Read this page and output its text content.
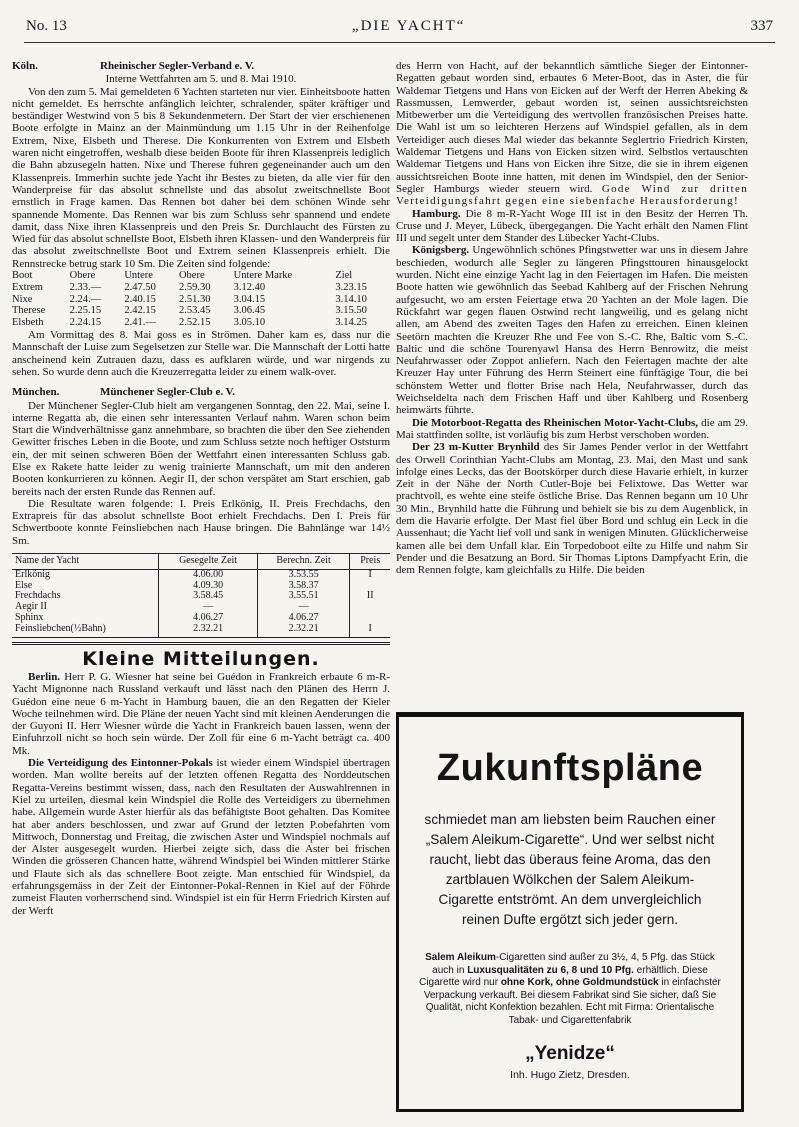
No. 13	„DIE YACHT“	337
Köln.	Rheinischer Segler-Verband e. V.

Interne Wettfahrten am 5. und 8. Mai 1910.

Von den zum 5. Mai gemeldeten 6 Yachten starteten nur vier. Einheitsboote hatten nicht gemeldet. Es herrschte anfänglich leichter, schralender, später kräftiger und beständiger Westwind von 5 bis 8 Sekundenmetern. Der Start der vier erschienenen Boote erfolgte in Mainz an der Mainmündung um 1.15 Uhr in der Reihenfolge Extrem, Nixe, Elsbeth und Therese. Die Konkurrenten von Extrem und Elsbeth waren nicht eingetroffen, weshalb diese beiden Boote für ihren Klassenpreis lediglich die Bahn abzusegeln hatten. Nixe und Therese fuhren gegeneinander auch um den Klassenpreis. Immerhin suchte jede Yacht ihr Bestes zu bieten, da alle vier für den Wanderpreise für das absolut schnellste und das absolut zweitschnellste Boot ernstlich in Frage kamen. Das Rennen bot daher bei dem schönen Winde sehr spannende Momente. Das Rennen war bis zum Schluss sehr spannend und endete damit, dass Nixe ihren Klassenpreis und den Preis Sr. Durchlaucht des Fürsten zu Wied für das absolut schnellste Boot, Elsbeth ihren Klassen- und den Wanderpreis für das absolut zweitschnellste Boot und Extrem seinen Klassenpreis erhielt. Die Rennstrecke betrug stark 10 Sm. Die Zeiten sind folgende:

Boot	Obere	Untere	Obere	Untere Marke	Ziel
Extrem	2.33.—	2.47.50	2.59.30	3.12.40	3.23.15
Nixe	2.24.—	2.40.15	2.51.30	3.04.15	3.14.10
Therese	2.25.15	2.42.15	2.53.45	3.06.45	3.15.50
Elsbeth	2.24.15	2.41.—	2.52.15	3.05.10	3.14.25

Am Vormittag des 8. Mai goss es in Strömen. Daher kam es, dass nur die Mannschaft der Luise zum Segelsetzen zur Stelle war. Die Mannschaft der Lotti hatte anscheinend kein Zutrauen dazu, dass es aufklaren würde, und war nirgends zu sehen. So wurde denn auch die Kreuzerregatta leider zu einem walk-over.

München.	Münchener Segler-Club e. V.

Der Münchener Segler-Club hielt am vergangenen Sonntag, den 22. Mai, seine I. interne Regatta ab, die einen sehr interessanten Verlauf nahm. Waren schon beim Start die Windverhältnisse ganz annehmbare, so brachten die über den See ziehenden Gewitter frisches Leben in die Boote, und zum Schluss setzte noch heftiger Oststurm ein, der mit seinen schweren Böen der Wettfahrt einen interessanten Schluss gab. Else ex Rakete hatte leider zu wenig trainierte Mannschaft, um mit den anderen Booten konkurrieren zu können. Aegir II, der schon verspätet am Start erschien, gab bereits nach der ersten Runde das Rennen auf.

Die Resultate waren folgende: I. Preis Erlkönig, II. Preis Frechdachs, den Extrapreis für das absolut schnellste Boot erhielt Frechdachs. Den I. Preis für Schwertboote konnte Feinsliebchen nach Hause bringen. Die Bahnlänge war 14½ Sm.

Name der Yacht	Gesegelte Zeit	Berechn. Zeit	Preis
Erlkönig	4.06.00	3.53.55	I
Else	4.09.30	3.58.37	
Frechdachs	3.58.45	3.55.51	II
Aegir II	—	—	
Sphinx	4.06.27	4.06.27	
Feinsliebchen(½Bahn)	2.32.21	2.32.21	I
Kleine Mitteilungen.

Berlin. Herr P. G. Wiesner hat seine bei Guédon in Frankreich erbaute 6 m-R-Yacht Mignonne nach Russland verkauft und lässt nach den Plänen des Herrn J. Guédon eine neue 6 m-Yacht in Hamburg bauen, die an den Regatten der Kieler Woche teilnehmen wird. Die Pläne der neuen Yacht sind mit kleinen Aenderungen die der Guyoni II. Herr Wiesner würde die Yacht in Frankreich bauen lassen, wenn der Einfuhrzoll nicht so hoch sein würde. Der Zoll für eine 6 m-Yacht beträgt ca. 400 Mk.

Die Verteidigung des Eintonner-Pokals ist wieder einem Windspiel übertragen worden. Man wollte bereits auf der letzten offenen Regatta des Norddeutschen Regatta-Vereins bestimmt wissen, dass, nach den Resultaten der Auswahlrennen in Kiel zu urteilen, diesmal kein Windspiel die Rolle des Verteidigers zu übernehmen habe. Allgemein wurde Aster hierfür als das befähigtste Boot gehalten. Das Komitee hat aber anders beschlossen, und zwar auf Grund der letzten P.obefahrten vom Mittwoch, Donnerstag und Freitag, die zwischen Aster und Windspiel nochmals auf der Alster ausgesegelt wurden. Hierbei zeigte sich, dass die Aster bei frischen Winden die grösseren Chancen hatte, während Windspiel bei Winden mittlerer Stärke und Flaute sich als das schnellere Boot zeigte. Man entschied für Windspiel, da erfahrungsgemäss in der Zeit der Eintonner-Pokal-Rennen in Kiel auf der Föhrde zumeist Flauten vorherrschend sind. Windspiel ist ein für Herrn Friedrich Kirsten auf der Werft

des Herrn von Hacht, auf der bekanntlich sämtliche Sieger der Eintonner-Regatten gebaut worden sind, erbautes 6 Meter-Boot, das in Aster, die für Waldemar Tietgens und Hans von Eicken auf der Werft der Herren Abeking & Rassmussen, Lemwerder, gebaut worden ist, seinen aussichtsreichsten Mitbewerber um die Verteidigung des wertvollen französischen Preises hatte. Die Wahl ist um so leichteren Herzens auf Windspiel gefallen, als in dem Verteidiger auch dieses Mal wieder das bekannte Seglertrio Friedrich Kirsten, Waldemar Tietgens und Hans von Eicken sitzen wird. Selbstlos vertauschten Waldemar Tietgens und Hans von Eicken ihre Sitze, die sie in ihrem eigenen aussichtsreichen Boote inne hatten, mit denen im Windspiel, den der Senior-Segler Hamburgs wieder steuern wird. Gode Wind zur dritten Verteidigungsfahrt gegen eine siebenfache Herausforderung!

Hamburg. Die 8 m-R-Yacht Woge III ist in den Besitz der Herren Th. Cruse und J. Meyer, Lübeck, übergegangen. Die Yacht erhält den Namen Flint III und segelt unter dem Stander des Lübecker Yacht-Clubs.

Königsberg. Ungewöhnlich schönes Pfingstwetter war uns in diesem Jahre beschieden, wodurch alle Segler zu längeren Pfingsttouren hinausgelockt wurden. Nicht eine einzige Yacht lag in den Feiertagen im Hafen. Die meisten Boote hatten wie gewöhnlich das Seebad Kahlberg auf der Frischen Nehrung aufgesucht, wo am ersten Feiertage etwa 20 Yachten an der Mole lagen. Die Rückfahrt war gegen flauen Ostwind recht langweilig, und es gelang nicht allen, am Abend des zweiten Tages den Hafen zu erreichen. Einen kleinen Seetörn machten die Kreuzer Rhe und Fee von S.-C. Rhe, Baltic vom S.-C. Baltic und die schöne Tourenyawl Hansa des Herrn Benrowitz, die meist Neufahrwasser oder Zoppot anliefern. Nach den Feiertagen machte der alte Kreuzer Hay unter Führung des Herrn Steinert eine fünftägige Tour, die bei schönstem Wetter und flotter Brise nach Hela, Neufahrwasser, durch das Weichseldelta nach dem Frischen Haff und über Kahlberg und Rosenberg heimwärts führte.

Die Motorboot-Regatta des Rheinischen Motor-Yacht-Clubs, die am 29. Mai stattfinden sollte, ist vorläufig bis zum Herbst verschoben worden.

Der 23 m-Kutter Brynhild des Sir James Pender verlor in der Wettfahrt des Orwell Corinthian Yacht-Clubs am Montag, 23. Mai, den Mast und sank infolge eines Lecks, das der Bootskörper durch diese Havarie erhielt, in kurzer Zeit in der Nähe der North Cutler-Boje bei Felixtowe. Das Wetter war prachtvoll, es wehte eine steife östliche Brise. Das Rennen begann um 10 Uhr 30 Min., Brynhild hatte die Führung und behielt sie bis zu dem Augenblick, in dem die Havarie erfolgte. Der Mast fiel über Bord und schlug ein Leck in die Aussenhaut; die Yacht lief voll und sank in wenigen Minuten. Glücklicherweise kamen alle bei dem Unfall klar. Ein Torpedoboot eilte zu Hilfe und nahm Sir Pender und die Besatzung an Bord. Sir Thomas Liptons Dampfyacht Erin, die dem Rennen folgte, kam gleichfalls zu Hilfe. Die beiden

Zukunftspläne
schmiedet man am liebsten beim Rauchen einer „Salem Aleikum-Cigarette“. Und wer selbst nicht raucht, liebt das überaus feine Aroma, das den zartblauen Wölkchen der Salem Aleikum-Cigarette entströmt. An dem unvergleichlich reinen Dufte ergötzt sich jeder gern.
Salem Aleikum-Cigaretten sind außer zu 3½, 4, 5 Pfg. das Stück auch in Luxusqualitäten zu 6, 8 und 10 Pfg. erhältlich. Diese Cigarette wird nur ohne Kork, ohne Goldmundstück in einfachster Verpackung verkauft. Bei diesem Fabrikat sind Sie sicher, daß Sie Qualität, nicht Konfektion bezahlen. Echt mit Firma: Orientalische Tabak- und Cigarettenfabrik
„Yenidze“
Inh. Hugo Zietz, Dresden.
